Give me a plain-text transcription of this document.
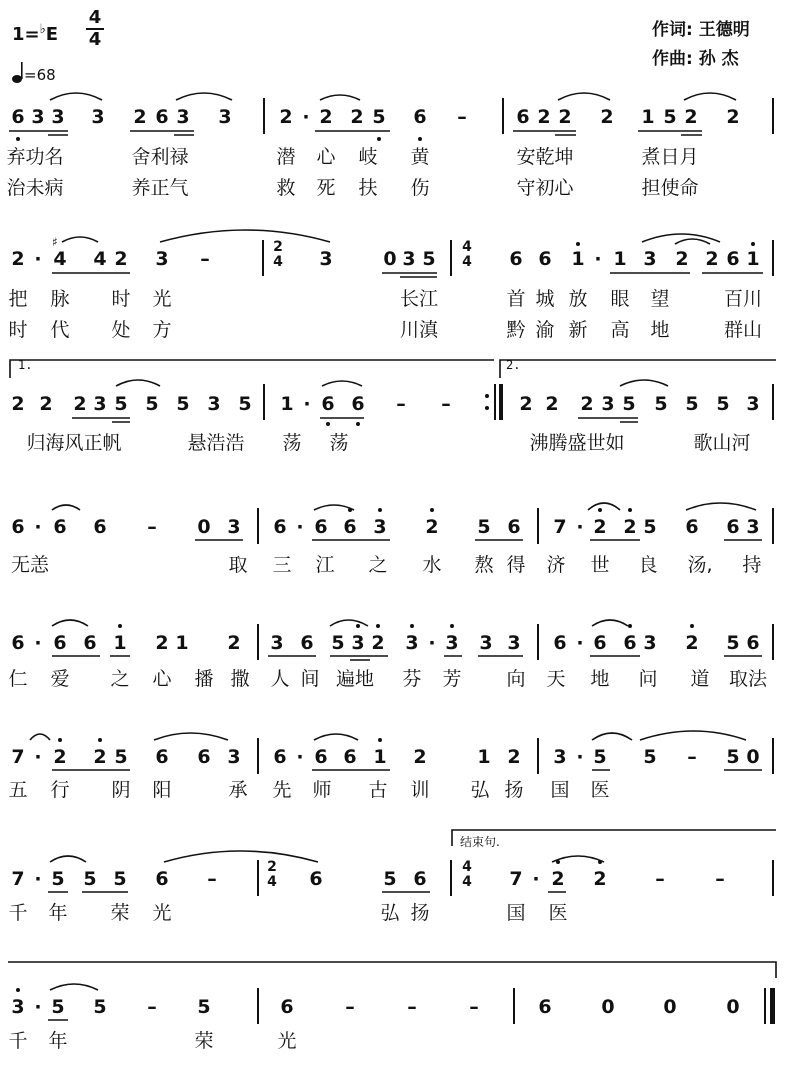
1=♭E
4
4
=68
作词: 王德明
作曲: 孙 杰
6 3 3 3 2 6 3 3	2 · 2 2 5 6 –	6 2 2 2 1 5 2 2
弃功名	舍利禄	潜 心 岐 黄	安乾坤	煮日月
治未病	养正气	救 死 扶 伤	守初心	担使命
2 · 4 4 2 3 –
2
4 3	0 3 5
4
4 6 6 1 · 1 3 2 2 6 1
把 脉 时 光	长江	首 城 放 眼 望	百川
时 代 处 方	川滇	黔 渝 新 高 地	群山
1.	2.
2 2 2 3 5 5 5 3 5 1 · 6 6 – –	2 2 2 3 5 5 5 5 3
归海风正帆	悬浩浩 荡 荡	沸腾盛世如	歌山河
6 · 6 6 – 0 3 6 · 6 6 3 2 5 6 7 · 2 2 5 6 6 3
无恙	取 三 江 之 水 熬 得 济 世 良 汤, 持
6 · 6 6 1 2 1 2 3 6 5 3 2 3 · 3 3 3 6 · 6 6 3 2 5 6
仁 爱 之 心 播 撒 人 间 遍地 芬 芳 向 天 地 问 道 取法
7 · 2 2 5 6 6 3 6 · 6 6 1 2	1 2 3 · 5 5 – 5 0
五 行 阴 阳	承 先 师 古 训 弘 扬 国 医
结束句.
7 · 5 5 5 6 –
2
4 6	5 6
4
4 7 · 2 2	–	–
千 年 荣 光	弘 扬	国 医
3 · 5 5 – 5	6	–	–	–	6	0	0	0
千 年	荣	光
♯
